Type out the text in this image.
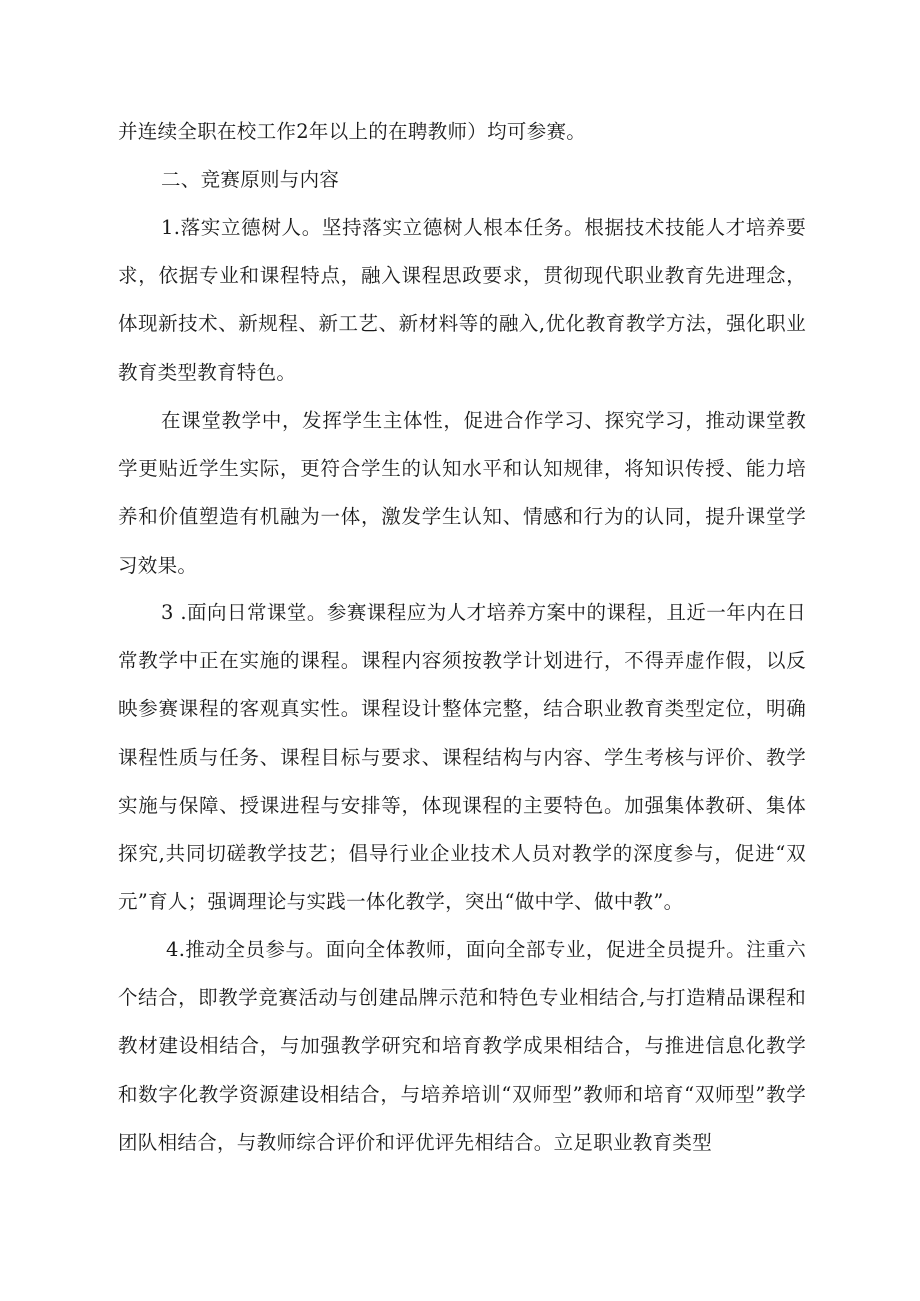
并连续全职在校工作2年以上的在聘教师）均可参赛。

二、竞赛原则与内容

1.落实立德树人。坚持落实立德树人根本任务。根据技术技能人才培养要求，依据专业和课程特点，融入课程思政要求，贯彻现代职业教育先进理念，体现新技术、新规程、新工艺、新材料等的融入,优化教育教学方法，强化职业教育类型教育特色。

在课堂教学中，发挥学生主体性，促进合作学习、探究学习，推动课堂教学更贴近学生实际，更符合学生的认知水平和认知规律，将知识传授、能力培养和价值塑造有机融为一体，激发学生认知、情感和行为的认同，提升课堂学习效果。

3 .面向日常课堂。参赛课程应为人才培养方案中的课程，且近一年内在日常教学中正在实施的课程。课程内容须按教学计划进行，不得弄虚作假，以反映参赛课程的客观真实性。课程设计整体完整，结合职业教育类型定位，明确课程性质与任务、课程目标与要求、课程结构与内容、学生考核与评价、教学实施与保障、授课进程与安排等，体现课程的主要特色。加强集体教研、集体探究,共同切磋教学技艺；倡导行业企业技术人员对教学的深度参与，促进“双元”育人；强调理论与实践一体化教学，突出“做中学、做中教”。

4.推动全员参与。面向全体教师，面向全部专业，促进全员提升。注重六个结合，即教学竞赛活动与创建品牌示范和特色专业相结合,与打造精品课程和教材建设相结合，与加强教学研究和培育教学成果相结合，与推进信息化教学和数字化教学资源建设相结合，与培养培训“双师型”教师和培育“双师型”教学团队相结合，与教师综合评价和评优评先相结合。立足职业教育类型
